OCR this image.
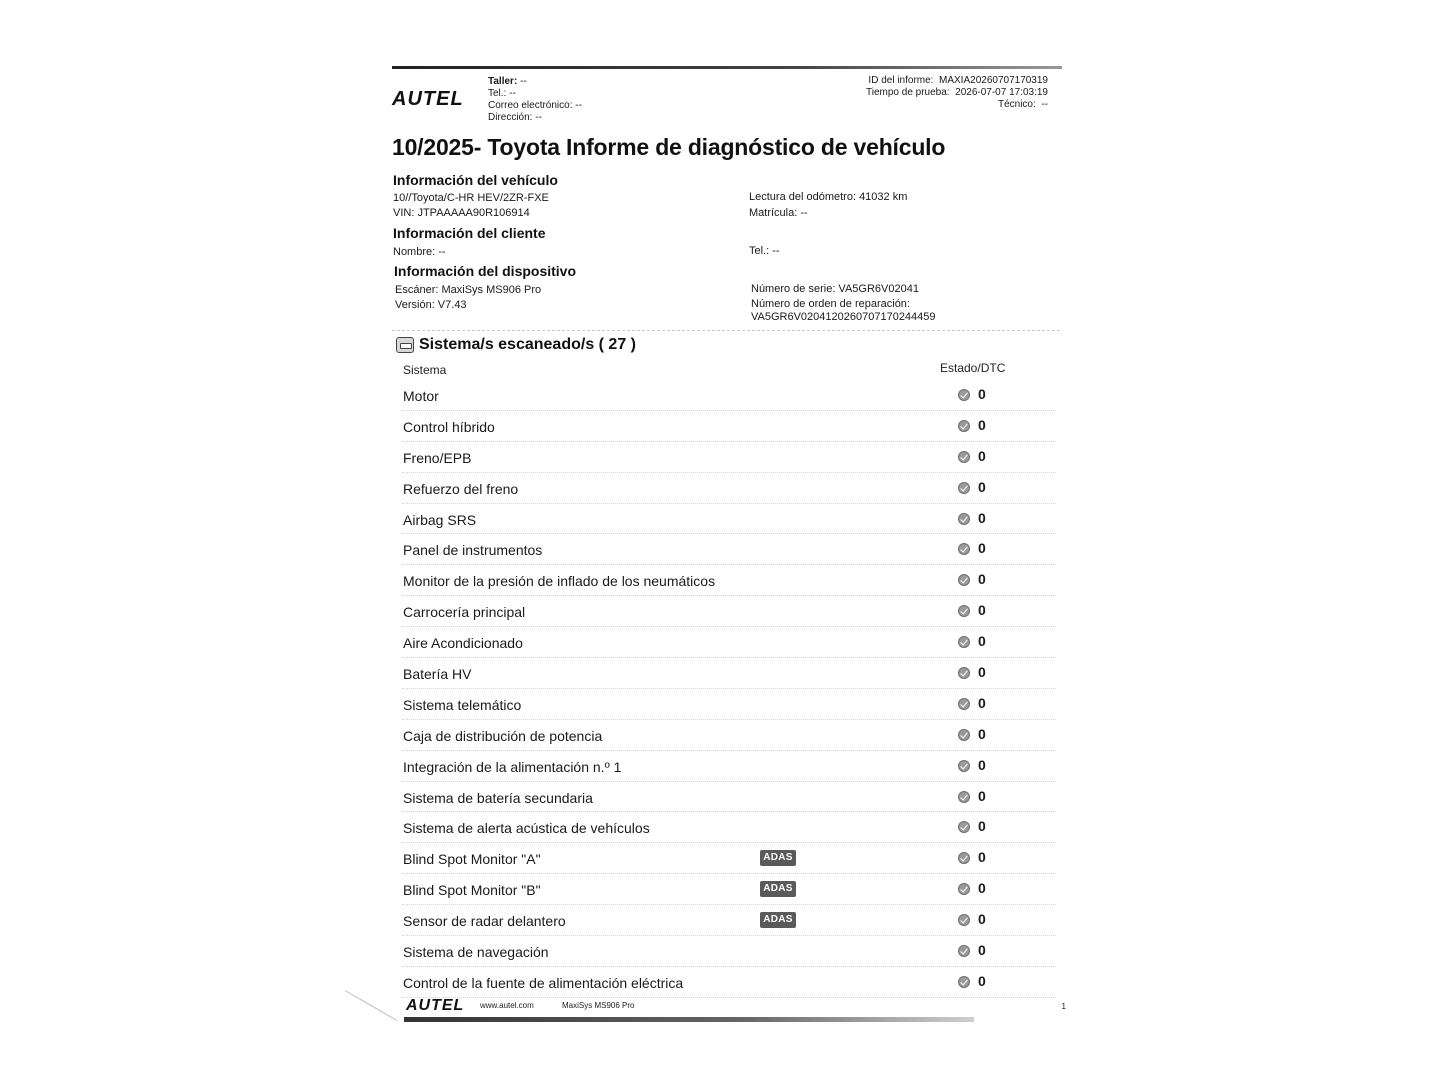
AUTEL
Taller: --
Tel.: --
Correo electrónico: --
Dirección: --
ID del informe: MAXIA20260707170319
Tiempo de prueba: 2026-07-07 17:03:19
Técnico: --
10/2025- Toyota Informe de diagnóstico de vehículo
Información del vehículo
10//Toyota/C-HR HEV/2ZR-FXE
VIN: JTPAAAAA90R106914
Lectura del odómetro: 41032 km
Matrícula: --
Información del cliente
Nombre: --	Tel.: --
Información del dispositivo
Escáner: MaxiSys MS906 Pro
Versión: V7.43
Número de serie: VA5GR6V02041
Número de orden de reparación:
VA5GR6V0204120260707170244459
Sistema/s escaneado/s ( 27 )
Sistema	Estado/DTC
Motor	0
Control híbrido	0
Freno/EPB	0
Refuerzo del freno	0
Airbag SRS	0
Panel de instrumentos	0
Monitor de la presión de inflado de los neumáticos	0
Carrocería principal	0
Aire Acondicionado	0
Batería HV	0
Sistema telemático	0
Caja de distribución de potencia	0
Integración de la alimentación n.º 1	0
Sistema de batería secundaria	0
Sistema de alerta acústica de vehículos	0
Blind Spot Monitor "A"	ADAS	0
Blind Spot Monitor "B"	ADAS	0
Sensor de radar delantero	ADAS	0
Sistema de navegación	0
Control de la fuente de alimentación eléctrica	0
AUTEL www.autel.com	MaxiSys MS906 Pro	1
